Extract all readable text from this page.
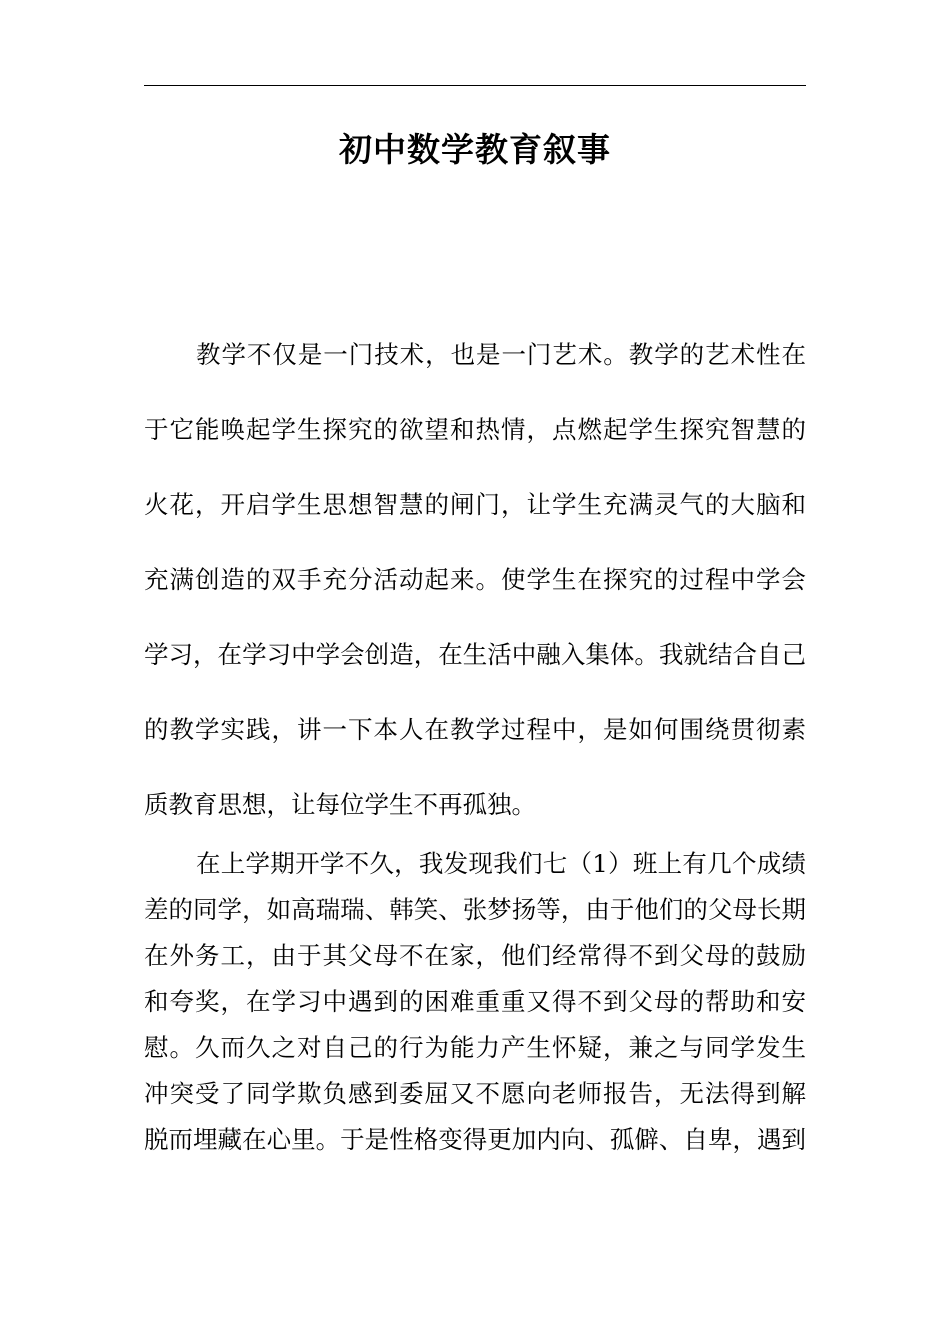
初中数学教育叙事
教学不仅是一门技术，也是一门艺术。教学的艺术性在
于它能唤起学生探究的欲望和热情，点燃起学生探究智慧的
火花，开启学生思想智慧的闸门，让学生充满灵气的大脑和
充满创造的双手充分活动起来。使学生在探究的过程中学会
学习，在学习中学会创造，在生活中融入集体。我就结合自己
的教学实践，讲一下本人在教学过程中，是如何围绕贯彻素
质教育思想，让每位学生不再孤独。
在上学期开学不久，我发现我们七（1）班上有几个成绩
差的同学，如高瑞瑞、韩笑、张梦扬等，由于他们的父母长期
在外务工，由于其父母不在家，他们经常得不到父母的鼓励
和夸奖，在学习中遇到的困难重重又得不到父母的帮助和安
慰。久而久之对自己的行为能力产生怀疑，兼之与同学发生
冲突受了同学欺负感到委屈又不愿向老师报告，无法得到解
脱而埋藏在心里。于是性格变得更加内向、孤僻、自卑，遇到
